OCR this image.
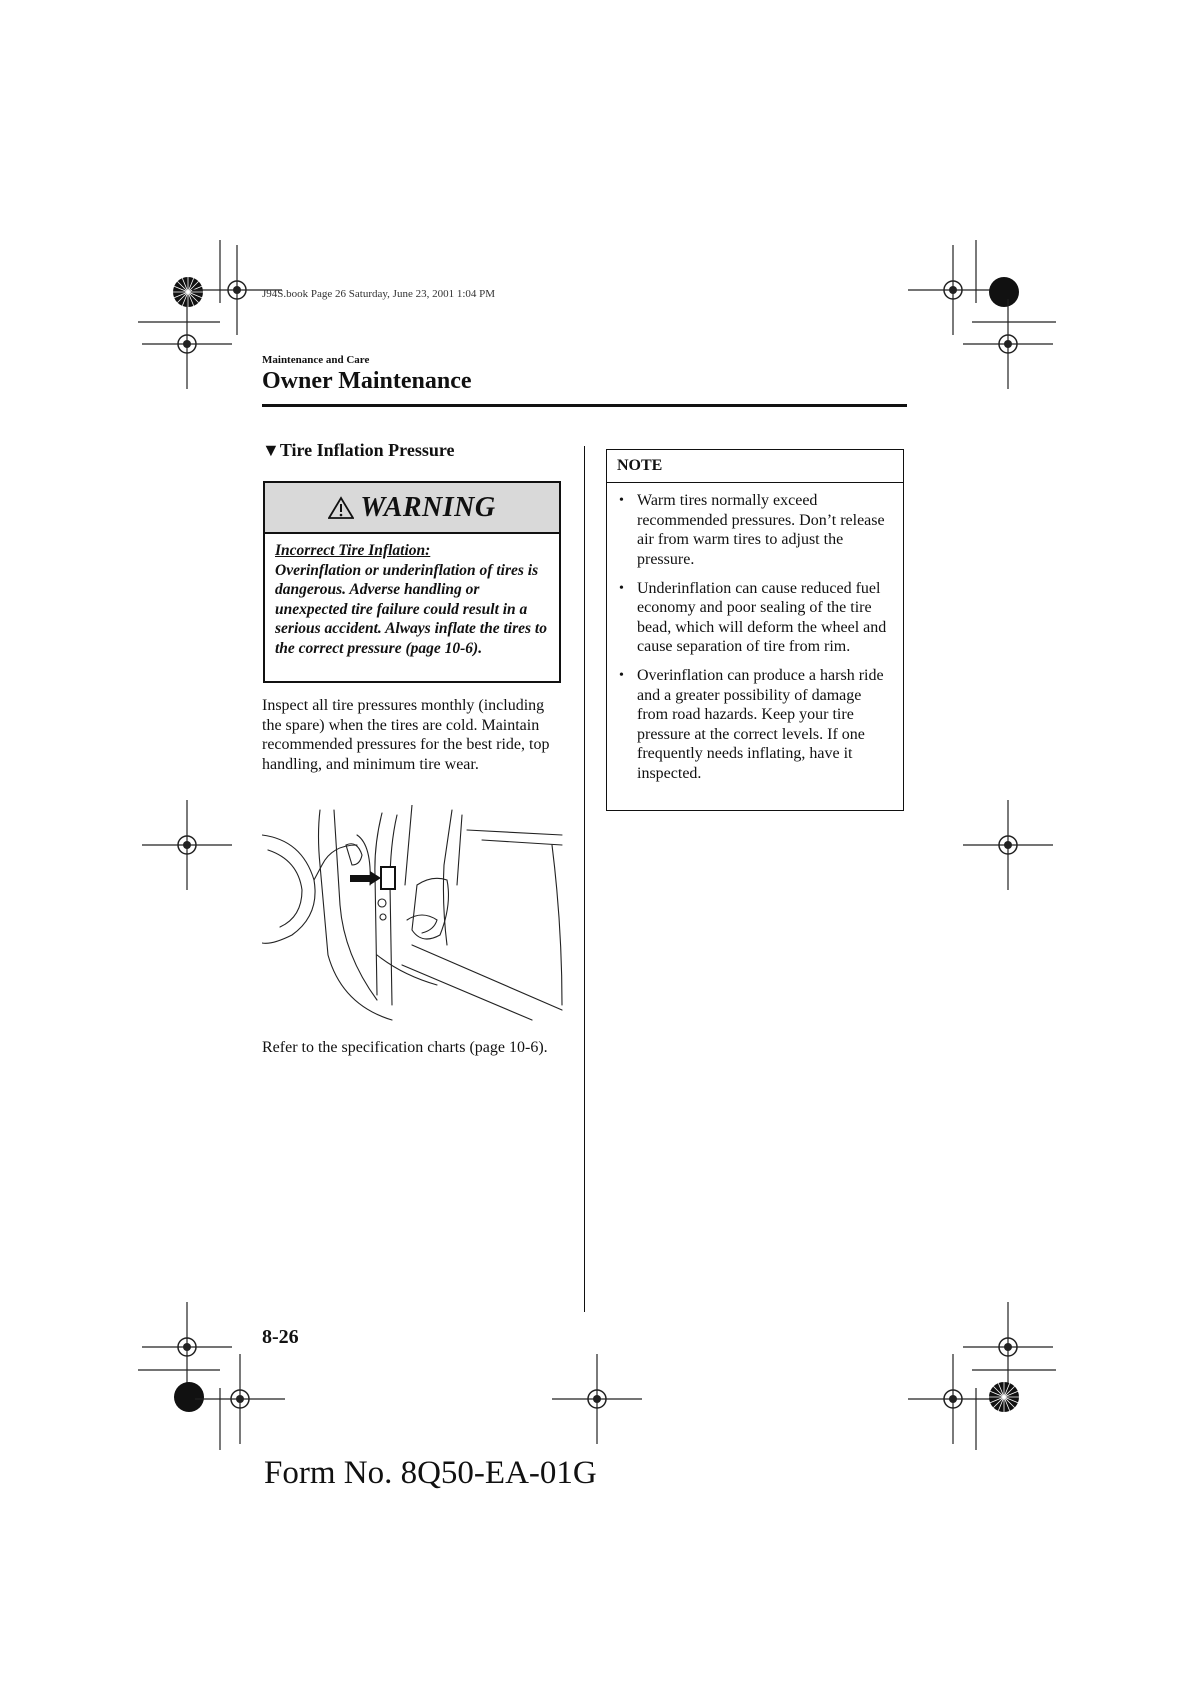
J94S.book Page 26 Saturday, June 23, 2001 1:04 PM
Maintenance and Care
Owner Maintenance
▼Tire Inflation Pressure
WARNING
Incorrect Tire Inflation:
Overinflation or underinflation of tires is dangerous. Adverse handling or unexpected tire failure could result in a serious accident. Always inflate the tires to the correct pressure (page 10-6).
Inspect all tire pressures monthly (including the spare) when the tires are cold. Maintain recommended pressures for the best ride, top handling, and minimum tire wear.
Refer to the specification charts (page 10-6).
NOTE
• Warm tires normally exceed recommended pressures. Don’t release air from warm tires to adjust the pressure.
• Underinflation can cause reduced fuel economy and poor sealing of the tire bead, which will deform the wheel and cause separation of tire from rim.
• Overinflation can produce a harsh ride and a greater possibility of damage from road hazards. Keep your tire pressure at the correct levels. If one frequently needs inflating, have it inspected.
8-26
Form No. 8Q50-EA-01G
